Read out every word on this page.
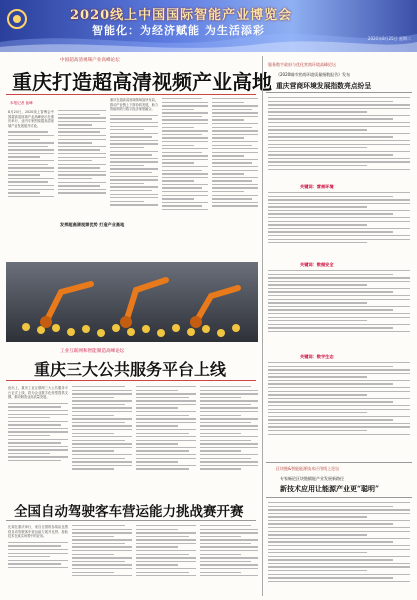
2020线上中国国际智能产业博览会
智能化：为经济赋能 为生活添彩
2020年8月25日 星期二
中国超高清视频产业高峰论坛
重庆打造超高清视频产业高地
本报记者 崔峰
8月24日，2020线上智博会中国超高清视频产业高峰论坛在重庆举行，业内专家围绕超高清视频产业发展展开讨论。
发挥超高清视频优势 打造产业高地
重庆在超高清视频领域加快布局，推动产业链上下游协同发展，助力智能制造与数字经济深度融合。
工业互联网和智能制造高峰论坛
重庆三大公共服务平台上线
论坛上，重庆工业互联网三大公共服务平台正式上线，将为企业数字化转型提供支撑，推动制造业高质量发展。
全国自动驾驶客车营运能力挑战赛开赛
比赛在重庆举行，来自全国的参赛队伍围绕自动驾驶客车营运能力展开比拼，检验技术在真实场景中的应用。
服务数字政府与优化营商环境高峰论坛
《2020城市营商环境质量指数报告》发布
重庆营商环境发展指数亮点纷呈
关键词：营商环境
关键词：数据安全
关键词：数字生态
区块链&智能能源技术应用线上论坛
专家畅论区块链赋能产业发展新路径
新技术应用让能源产业更“聪明”
